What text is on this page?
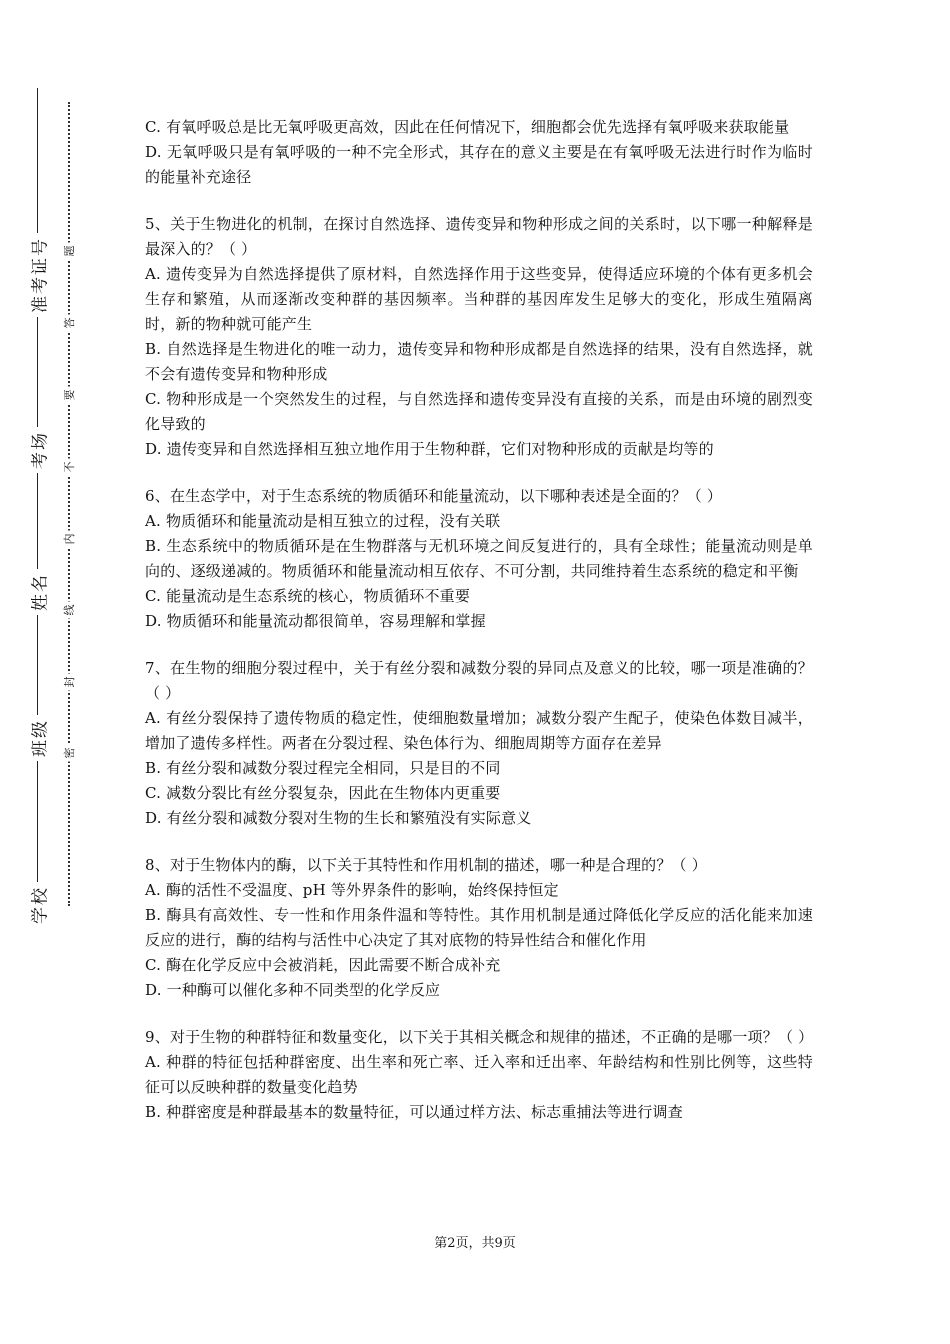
学校
班级
姓名
考场
准考证号 题
答
要
不
内
线
封
密

C. 有氧呼吸总是比无氧呼吸更高效，因此在任何情况下，细胞都会优先选择有氧呼吸来获取能量

D. 无氧呼吸只是有氧呼吸的一种不完全形式，其存在的意义主要是在有氧呼吸无法进行时作为临时的能量补充途径

5、关于生物进化的机制，在探讨自然选择、遗传变异和物种形成之间的关系时，以下哪一种解释是最深入的？（ ）

A. 遗传变异为自然选择提供了原材料，自然选择作用于这些变异，使得适应环境的个体有更多机会生存和繁殖，从而逐渐改变种群的基因频率。当种群的基因库发生足够大的变化，形成生殖隔离时，新的物种就可能产生

B. 自然选择是生物进化的唯一动力，遗传变异和物种形成都是自然选择的结果，没有自然选择，就不会有遗传变异和物种形成

C. 物种形成是一个突然发生的过程，与自然选择和遗传变异没有直接的关系，而是由环境的剧烈变化导致的

D. 遗传变异和自然选择相互独立地作用于生物种群，它们对物种形成的贡献是均等的

6、在生态学中，对于生态系统的物质循环和能量流动，以下哪种表述是全面的？（ ）

A. 物质循环和能量流动是相互独立的过程，没有关联

B. 生态系统中的物质循环是在生物群落与无机环境之间反复进行的，具有全球性；能量流动则是单向的、逐级递减的。物质循环和能量流动相互依存、不可分割，共同维持着生态系统的稳定和平衡

C. 能量流动是生态系统的核心，物质循环不重要

D. 物质循环和能量流动都很简单，容易理解和掌握

7、在生物的细胞分裂过程中，关于有丝分裂和减数分裂的异同点及意义的比较，哪一项是准确的？（ ）

A. 有丝分裂保持了遗传物质的稳定性，使细胞数量增加；减数分裂产生配子，使染色体数目减半，增加了遗传多样性。两者在分裂过程、染色体行为、细胞周期等方面存在差异

B. 有丝分裂和减数分裂过程完全相同，只是目的不同

C. 减数分裂比有丝分裂复杂，因此在生物体内更重要

D. 有丝分裂和减数分裂对生物的生长和繁殖没有实际意义

8、对于生物体内的酶，以下关于其特性和作用机制的描述，哪一种是合理的？（ ）

A. 酶的活性不受温度、pH 等外界条件的影响，始终保持恒定

B. 酶具有高效性、专一性和作用条件温和等特性。其作用机制是通过降低化学反应的活化能来加速反应的进行，酶的结构与活性中心决定了其对底物的特异性结合和催化作用

C. 酶在化学反应中会被消耗，因此需要不断合成补充

D. 一种酶可以催化多种不同类型的化学反应

9、对于生物的种群特征和数量变化，以下关于其相关概念和规律的描述，不正确的是哪一项？（ ）

A. 种群的特征包括种群密度、出生率和死亡率、迁入率和迁出率、年龄结构和性别比例等，这些特征可以反映种群的数量变化趋势

B. 种群密度是种群最基本的数量特征，可以通过样方法、标志重捕法等进行调查

第2页，共9页
